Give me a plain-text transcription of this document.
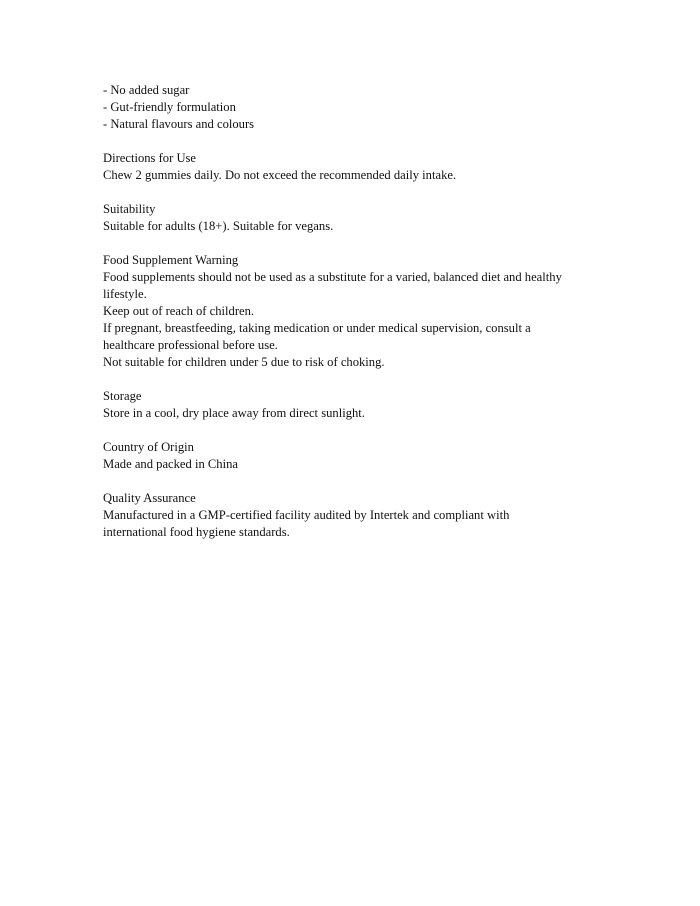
- No added sugar
- Gut-friendly formulation
- Natural flavours and colours
Directions for Use
Chew 2 gummies daily. Do not exceed the recommended daily intake.
Suitability
Suitable for adults (18+). Suitable for vegans.
Food Supplement Warning
Food supplements should not be used as a substitute for a varied, balanced diet and healthy
lifestyle.
Keep out of reach of children.
If pregnant, breastfeeding, taking medication or under medical supervision, consult a
healthcare professional before use.
Not suitable for children under 5 due to risk of choking.
Storage
Store in a cool, dry place away from direct sunlight.
Country of Origin
Made and packed in China
Quality Assurance
Manufactured in a GMP-certified facility audited by Intertek and compliant with
international food hygiene standards.
